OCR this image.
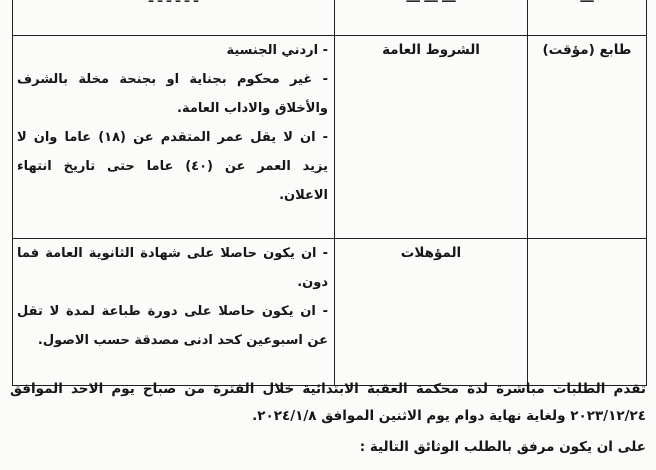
طابع (مؤقت)	الشروط العامة	- اردني الجنسية

- غير محكوم بجناية او بجنحة مخلة بالشرف والأخلاق والاداب العامة.

- ان لا يقل عمر المتقدم عن (١٨) عاما وان لا يزيد العمر عن (٤٠) عاما حتى تاريخ انتهاء الاعلان.

	المؤهلات	- ان يكون حاصلا على شهادة الثانوية العامة فما دون.

- ان يكون حاصلا على دورة طباعة لمدة لا تقل عن اسبوعين كحد ادنى مصدقة حسب الاصول.

تقدم الطلبات مباشرة لدة محكمة العقبة الابتدائية خلال الفترة من صباح يوم الاحد الموافق ٢٠٢٣/١٢/٢٤ ولغاية نهاية دوام يوم الاثنين الموافق ٢٠٢٤/١/٨.

على ان يكون مرفق بالطلب الوثائق التالية :
